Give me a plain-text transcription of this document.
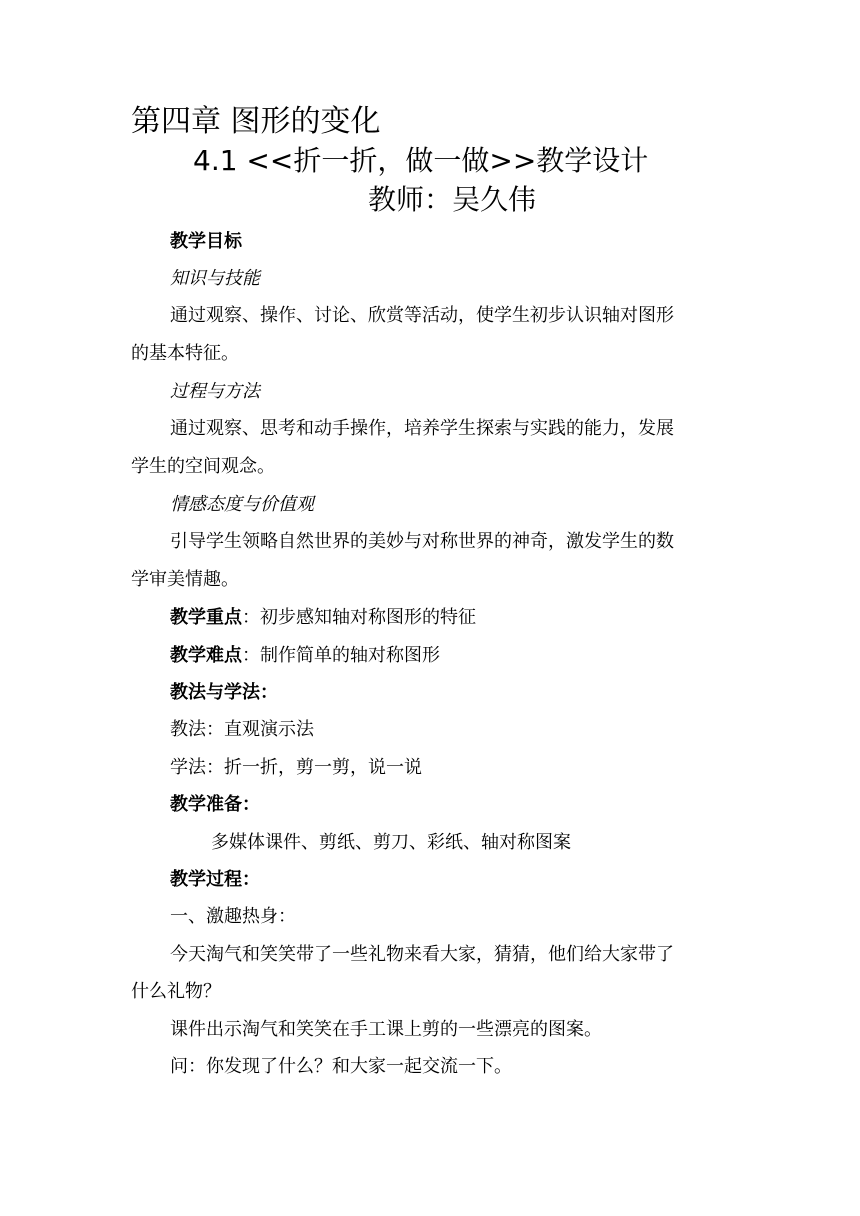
第四章 图形的变化
4.1 <<折一折，做一做>>教学设计
教师：吴久伟
教学目标
知识与技能
通过观察、操作、讨论、欣赏等活动，使学生初步认识轴对图形
的基本特征。
过程与方法
通过观察、思考和动手操作，培养学生探索与实践的能力，发展
学生的空间观念。
情感态度与价值观
引导学生领略自然世界的美妙与对称世界的神奇，激发学生的数
学审美情趣。
教学重点：初步感知轴对称图形的特征
教学难点：制作简单的轴对称图形
教法与学法：
教法：直观演示法
学法：折一折，剪一剪，说一说
教学准备：
多媒体课件、剪纸、剪刀、彩纸、轴对称图案
教学过程：
一、激趣热身：
今天淘气和笑笑带了一些礼物来看大家，猜猜，他们给大家带了
什么礼物？
课件出示淘气和笑笑在手工课上剪的一些漂亮的图案。
问：你发现了什么？和大家一起交流一下。
